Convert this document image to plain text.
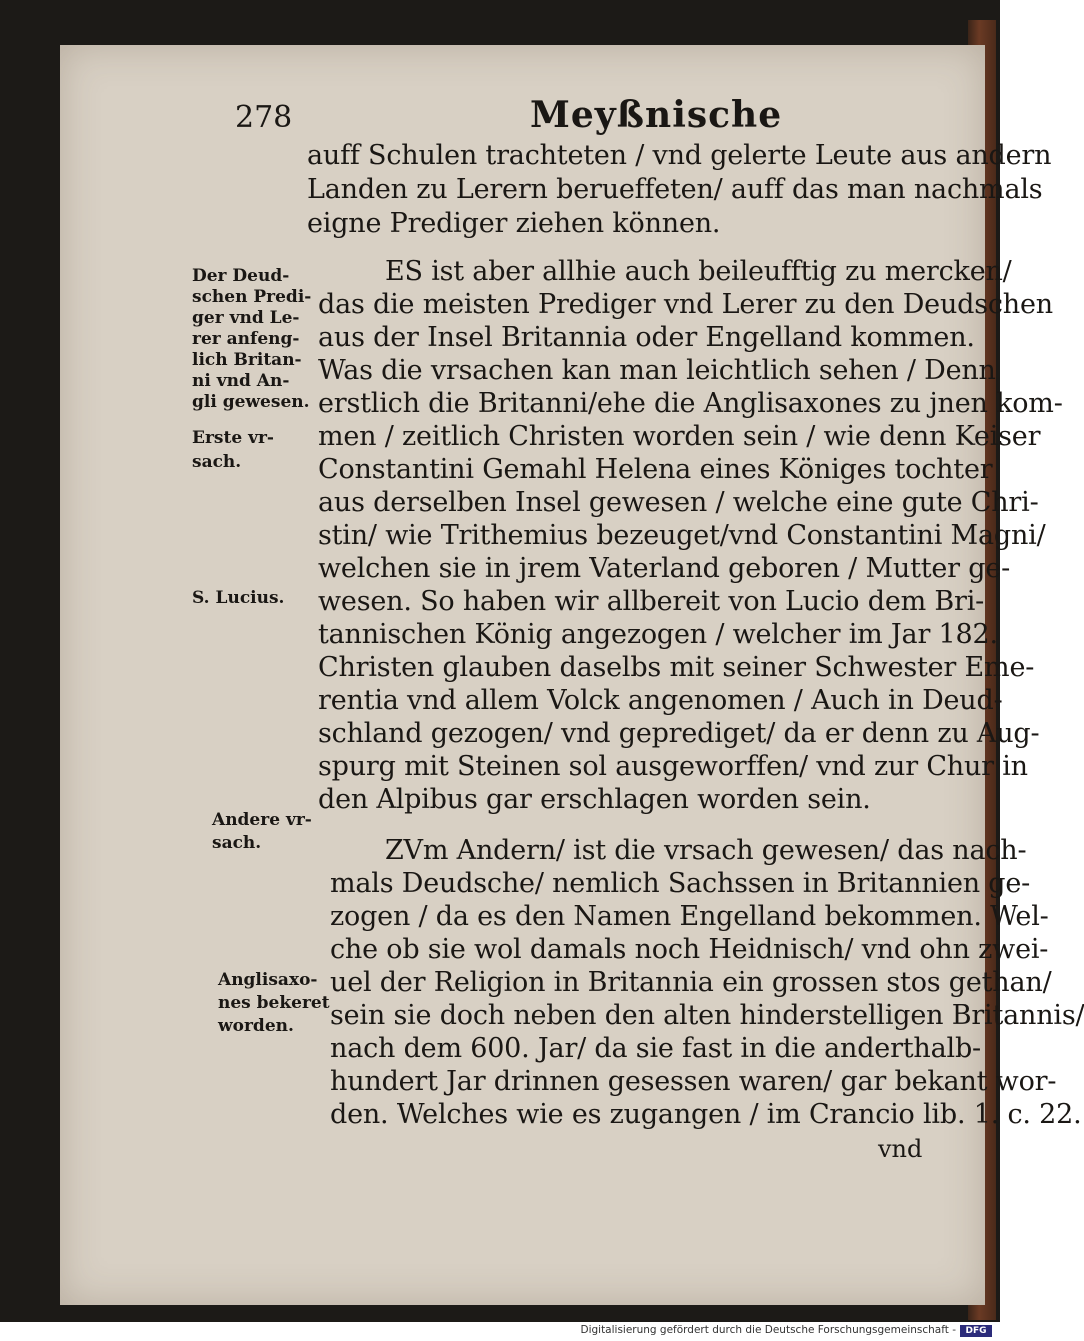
278	Meyßnische
auff Schulen trachteten / vnd gelerte Leute aus andern
Landen zu Lerern berueffeten/ auff das man nachmals
eigne Prediger ziehen können.
ES ist aber allhie auch beileufftig zu mercken/
das die meisten Prediger vnd Lerer zu den Deudschen
aus der Insel Britannia oder Engelland kommen.
Was die vrsachen kan man leichtlich sehen / Denn
erstlich die Britanni/ehe die Anglisaxones zu jnen kom-
men / zeitlich Christen worden sein / wie denn Keiser
Constantini Gemahl Helena eines Königes tochter
aus derselben Insel gewesen / welche eine gute Chri-
stin/ wie Trithemius bezeuget/vnd Constantini Magni/
welchen sie in jrem Vaterland geboren / Mutter ge-
wesen. So haben wir allbereit von Lucio dem Bri-
tannischen König angezogen / welcher im Jar 182.
Christen glauben daselbs mit seiner Schwester Eme-
rentia vnd allem Volck angenomen / Auch in Deud-
schland gezogen/ vnd geprediget/ da er denn zu Aug-
spurg mit Steinen sol ausgeworffen/ vnd zur Chur in
den Alpibus gar erschlagen worden sein.
ZVm Andern/ ist die vrsach gewesen/ das nach-
mals Deudsche/ nemlich Sachssen in Britannien ge-
zogen / da es den Namen Engelland bekommen. Wel-
che ob sie wol damals noch Heidnisch/ vnd ohn zwei-
uel der Religion in Britannia ein grossen stos gethan/
sein sie doch neben den alten hinderstelligen Britannis/
nach dem 600. Jar/ da sie fast in die anderthalb-
hundert Jar drinnen gesessen waren/ gar bekant wor-
den. Welches wie es zugangen / im Crancio lib. 1. c. 22.
vnd
Der Deud-
schen Predi-
ger vnd Le-
rer anfeng-
lich Britan-
ni vnd An-
gli gewesen.
Erste vr-
sach.
S. Lucius.
Andere vr-
sach.
Anglisaxo-
nes bekeret
worden.
Digitalisierung gefördert durch die Deutsche Forschungsgemeinschaft -	DFG
